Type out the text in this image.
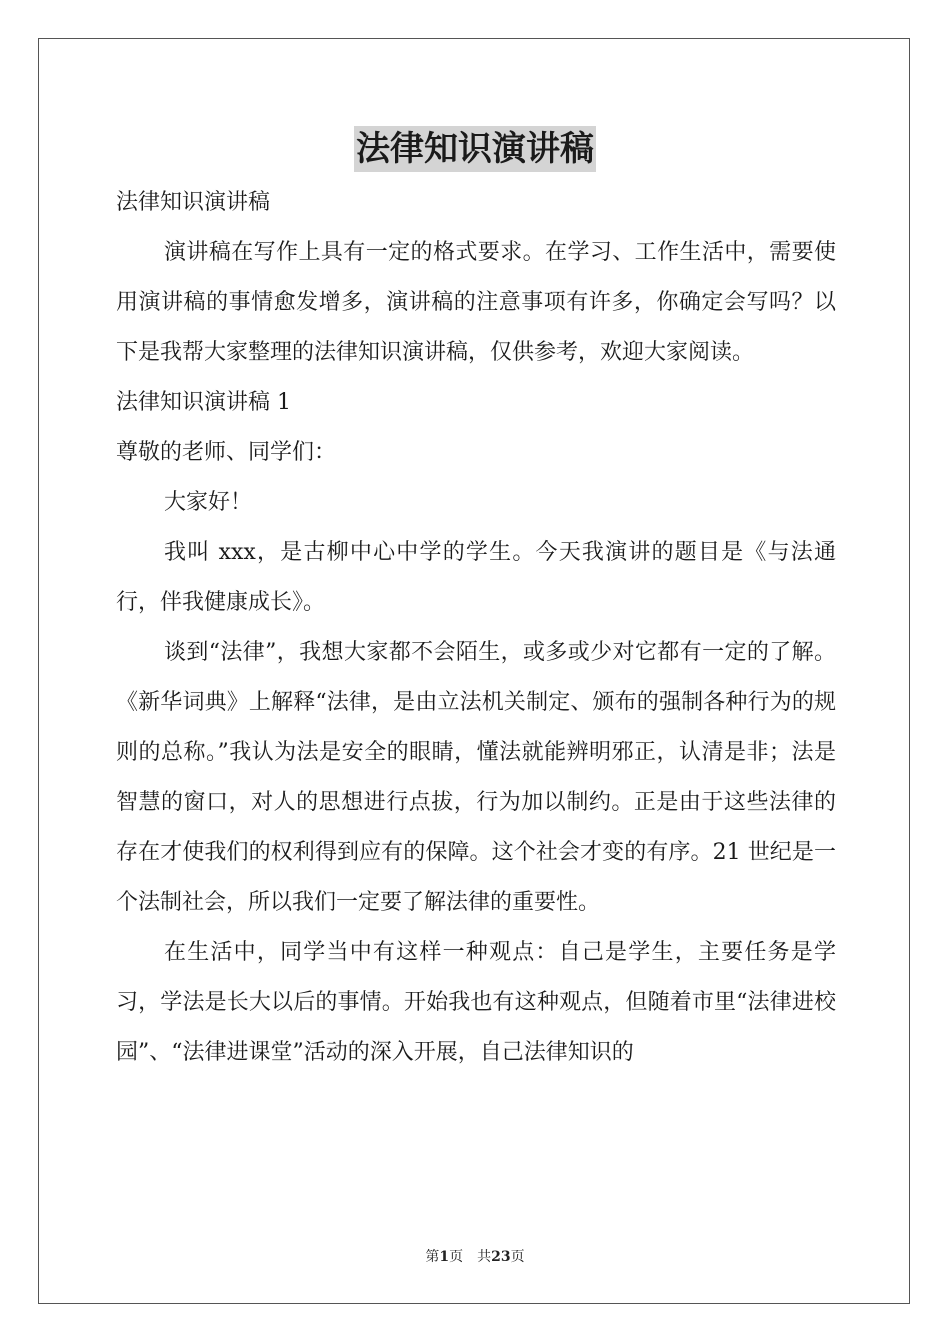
法律知识演讲稿

法律知识演讲稿

演讲稿在写作上具有一定的格式要求。在学习、工作生活中，需要使用演讲稿的事情愈发增多，演讲稿的注意事项有许多，你确定会写吗？以下是我帮大家整理的法律知识演讲稿，仅供参考，欢迎大家阅读。

法律知识演讲稿 1

尊敬的老师、同学们：

大家好！

我叫 xxx，是古柳中心中学的学生。今天我演讲的题目是《与法通行，伴我健康成长》。

谈到“法律”，我想大家都不会陌生，或多或少对它都有一定的了解。《新华词典》上解释“法律，是由立法机关制定、颁布的强制各种行为的规则的总称。”我认为法是安全的眼睛，懂法就能辨明邪正，认清是非；法是智慧的窗口，对人的思想进行点拔，行为加以制约。正是由于这些法律的存在才使我们的权利得到应有的保障。这个社会才变的有序。21 世纪是一个法制社会，所以我们一定要了解法律的重要性。

在生活中，同学当中有这样一种观点：自己是学生，主要任务是学习，学法是长大以后的事情。开始我也有这种观点，但随着市里“法律进校园”、“法律进课堂”活动的深入开展，自己法律知识的

第1页 共23页
